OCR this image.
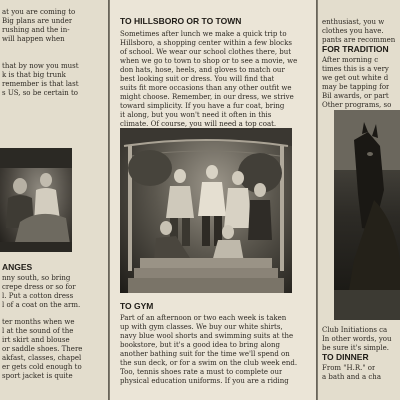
at you are coming to
Big plans are under
rushing and the in-
will happen when
that by now you must
k is that big trunk
remember is that last
s US, so be certain to
ANGES
nny south, so bring
crepe dress or so for
l. Put a cotton dress
l of a coat on the arm.
ter months when we
l at the sound of the
irt skirt and blouse
or saddle shoes. There
akfast, classes, chapel
er gets cold enough to
sport jacket is quite
TO HILLSBORO OR TO TOWN
Sometimes after lunch we make a quick trip to
Hillsboro, a shopping center within a few blocks
of school. We wear our school clothes there, but
when we go to town to shop or to see a movie, we
don hats, hose, heels, and gloves to match our
best looking suit or dress. You will find that
suits fit more occasions than any other outfit we
might choose. Remember, in our dress, we strive
toward simplicity. If you have a fur coat, bring
it along, but you won't need it often in this
climate. Of course, you will need a top coat.
TO GYM
Part of an afternoon or two each week is taken
up with gym classes. We buy our white shirts,
navy blue wool shorts and swimming suits at the
bookstore, but it's a good idea to bring along
another bathing suit for the time we'll spend on
the sun deck, or for a swim on the club week end.
Too, tennis shoes rate a must to complete our
physical education uniforms. If you are a riding
enthusiast, you w
clothes you have.
pants are recommen
FOR TRADITION
After morning c
times this is a very
we get out white d
may be tapping for
Bil awards, or part
Other programs, so
Club Initiations ca
In other words, you
be sure it's simple.
TO DINNER
From "H.R." or
a bath and a cha
